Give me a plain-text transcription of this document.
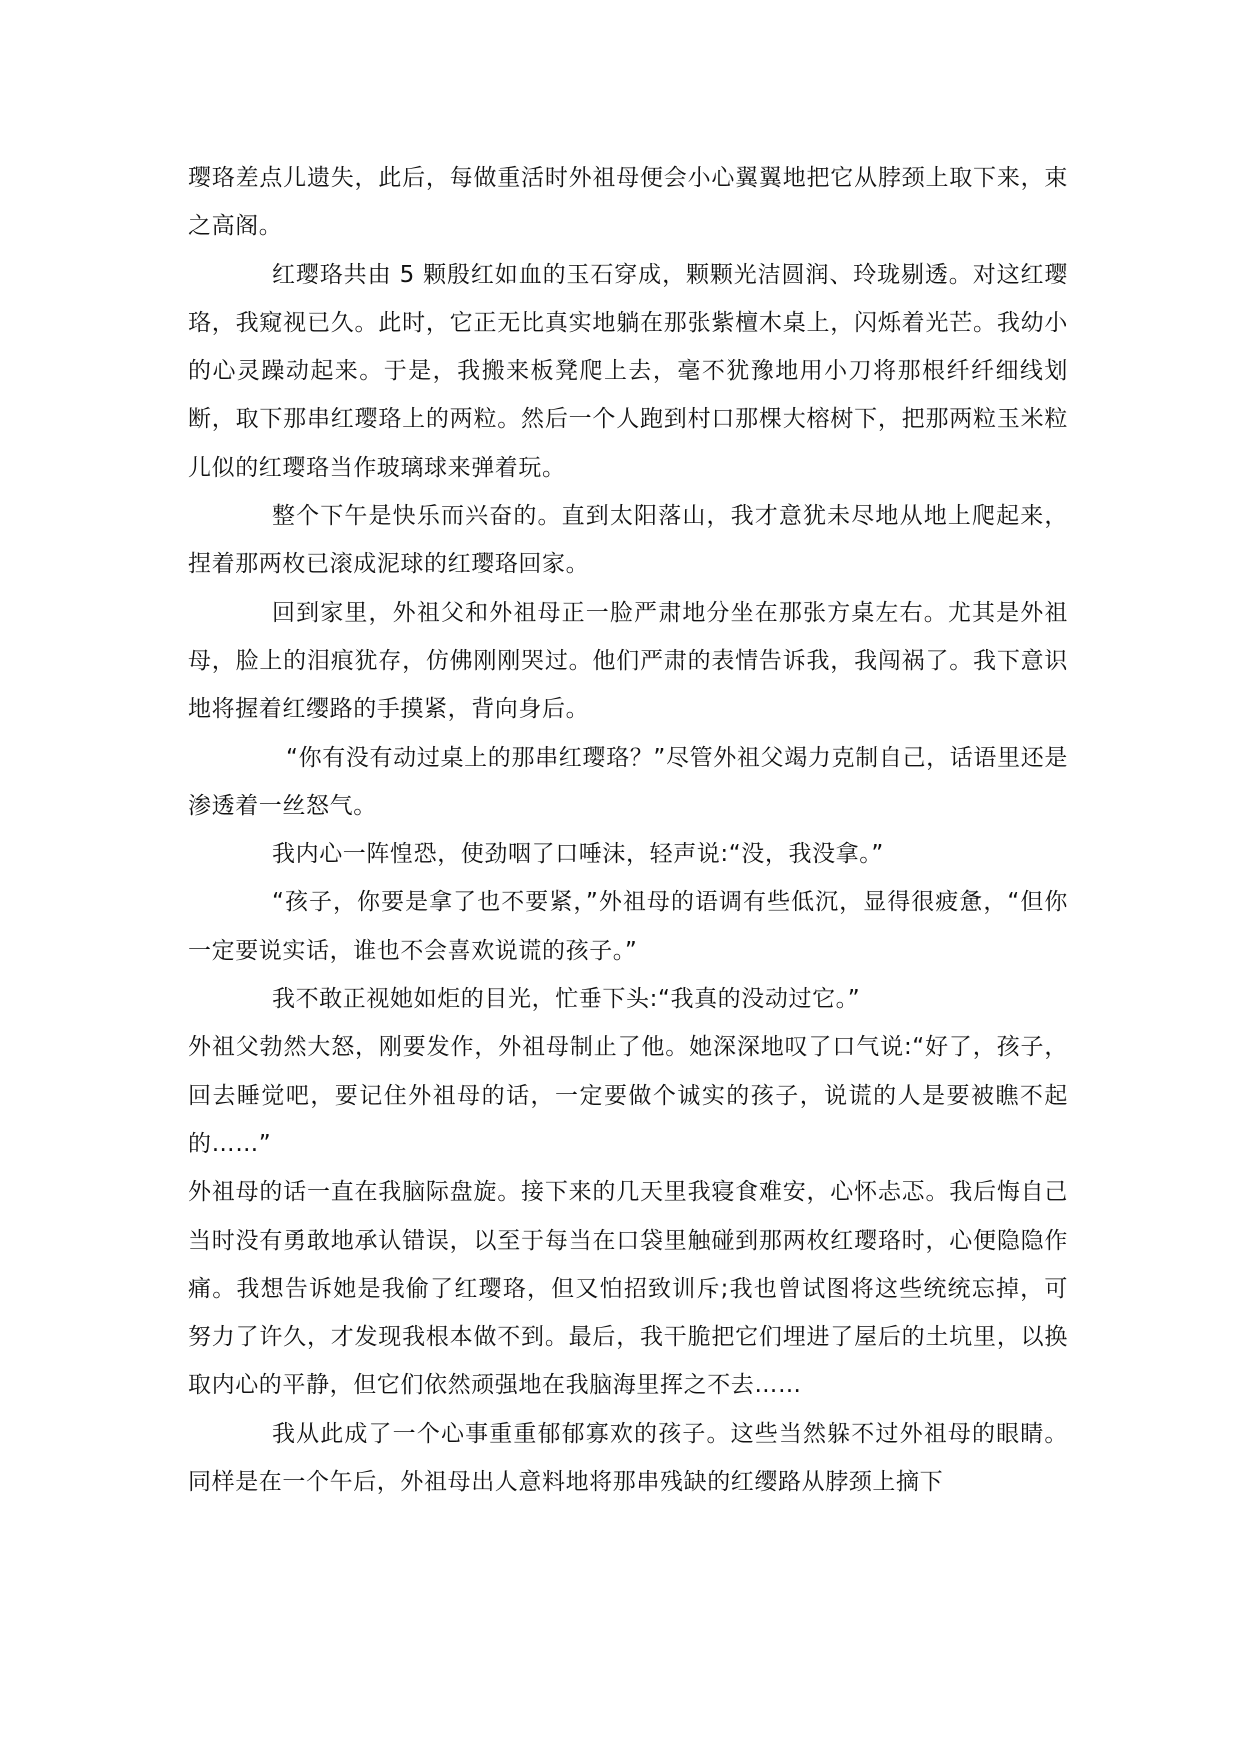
璎珞差点儿遗失，此后，每做重活时外祖母便会小心翼翼地把它从脖颈上取下来，束之高阁。

红璎珞共由 5 颗殷红如血的玉石穿成，颗颗光洁圆润、玲珑剔透。对这红璎珞，我窥视已久。此时，它正无比真实地躺在那张紫檀木桌上，闪烁着光芒。我幼小的心灵躁动起来。于是，我搬来板凳爬上去，毫不犹豫地用小刀将那根纤纤细线划断，取下那串红璎珞上的两粒。然后一个人跑到村口那棵大榕树下，把那两粒玉米粒儿似的红璎珞当作玻璃球来弹着玩。

整个下午是快乐而兴奋的。直到太阳落山，我才意犹未尽地从地上爬起来，捏着那两枚已滚成泥球的红璎珞回家。

回到家里，外祖父和外祖母正一脸严肃地分坐在那张方桌左右。尤其是外祖母，脸上的泪痕犹存，仿佛刚刚哭过。他们严肃的表情告诉我，我闯祸了。我下意识地将握着红缨路的手摸紧，背向身后。

“你有没有动过桌上的那串红璎珞？”尽管外祖父竭力克制自己，话语里还是渗透着一丝怒气。

我内心一阵惶恐，使劲咽了口唾沫，轻声说:“没，我没拿。”

“孩子，你要是拿了也不要紧，”外祖母的语调有些低沉，显得很疲惫，“但你一定要说实话，谁也不会喜欢说谎的孩子。”

我不敢正视她如炬的目光，忙垂下头:“我真的没动过它。”

外祖父勃然大怒，刚要发作，外祖母制止了他。她深深地叹了口气说:“好了，孩子，回去睡觉吧，要记住外祖母的话，一定要做个诚实的孩子，说谎的人是要被瞧不起的……”

外祖母的话一直在我脑际盘旋。接下来的几天里我寝食难安，心怀忐忑。我后悔自己当时没有勇敢地承认错误，以至于每当在口袋里触碰到那两枚红璎珞时，心便隐隐作痛。我想告诉她是我偷了红璎珞，但又怕招致训斥;我也曾试图将这些统统忘掉，可努力了许久，才发现我根本做不到。最后，我干脆把它们埋进了屋后的土坑里，以换取内心的平静，但它们依然顽强地在我脑海里挥之不去……

我从此成了一个心事重重郁郁寡欢的孩子。这些当然躲不过外祖母的眼睛。同样是在一个午后，外祖母出人意料地将那串残缺的红缨路从脖颈上摘下
